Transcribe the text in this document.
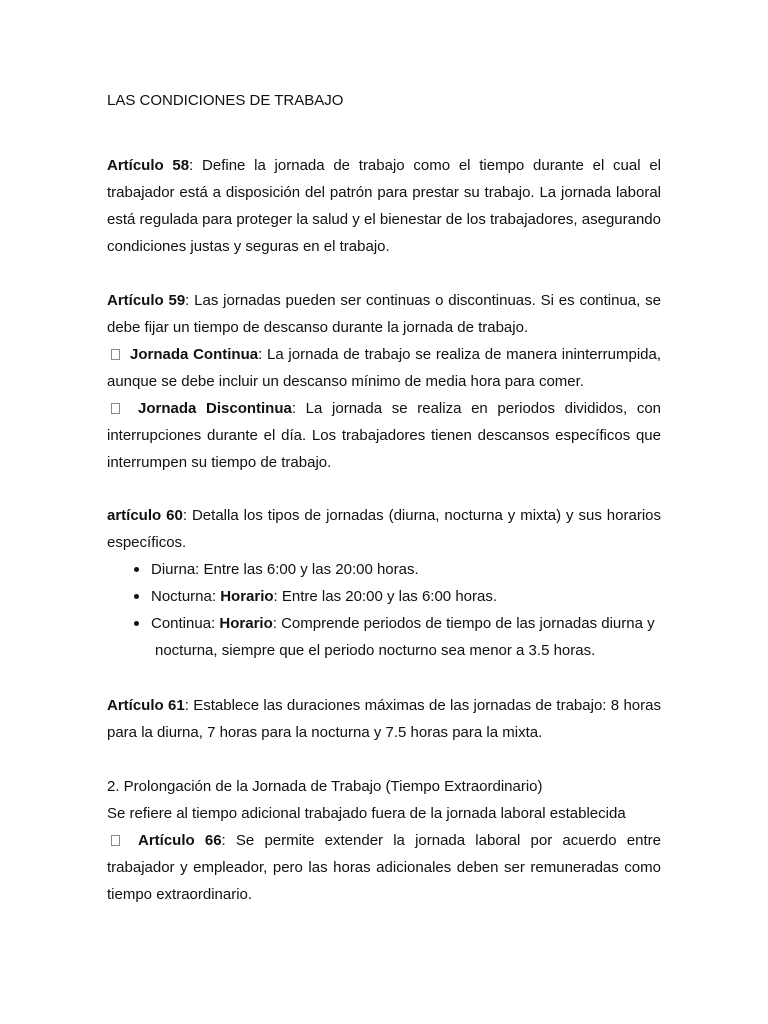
LAS CONDICIONES DE TRABAJO

Artículo 58: Define la jornada de trabajo como el tiempo durante el cual el trabajador está a disposición del patrón para prestar su trabajo. La jornada laboral está regulada para proteger la salud y el bienestar de los trabajadores, asegurando condiciones justas y seguras en el trabajo.

Artículo 59: Las jornadas pueden ser continuas o discontinuas. Si es continua, se debe fijar un tiempo de descanso durante la jornada de trabajo.

Jornada Continua: La jornada de trabajo se realiza de manera ininterrumpida, aunque se debe incluir un descanso mínimo de media hora para comer.

Jornada Discontinua: La jornada se realiza en periodos divididos, con interrupciones durante el día. Los trabajadores tienen descansos específicos que interrumpen su tiempo de trabajo.

artículo 60: Detalla los tipos de jornadas (diurna, nocturna y mixta) y sus horarios específicos.

Diurna: Entre las 6:00 y las 20:00 horas.
Nocturna: Horario: Entre las 20:00 y las 6:00 horas.
Continua: Horario: Comprende periodos de tiempo de las jornadas diurna y
nocturna, siempre que el periodo nocturno sea menor a 3.5 horas.

Artículo 61: Establece las duraciones máximas de las jornadas de trabajo: 8 horas para la diurna, 7 horas para la nocturna y 7.5 horas para la mixta.

2. Prolongación de la Jornada de Trabajo (Tiempo Extraordinario)

Se refiere al tiempo adicional trabajado fuera de la jornada laboral establecida

Artículo 66: Se permite extender la jornada laboral por acuerdo entre trabajador y empleador, pero las horas adicionales deben ser remuneradas como tiempo extraordinario.
